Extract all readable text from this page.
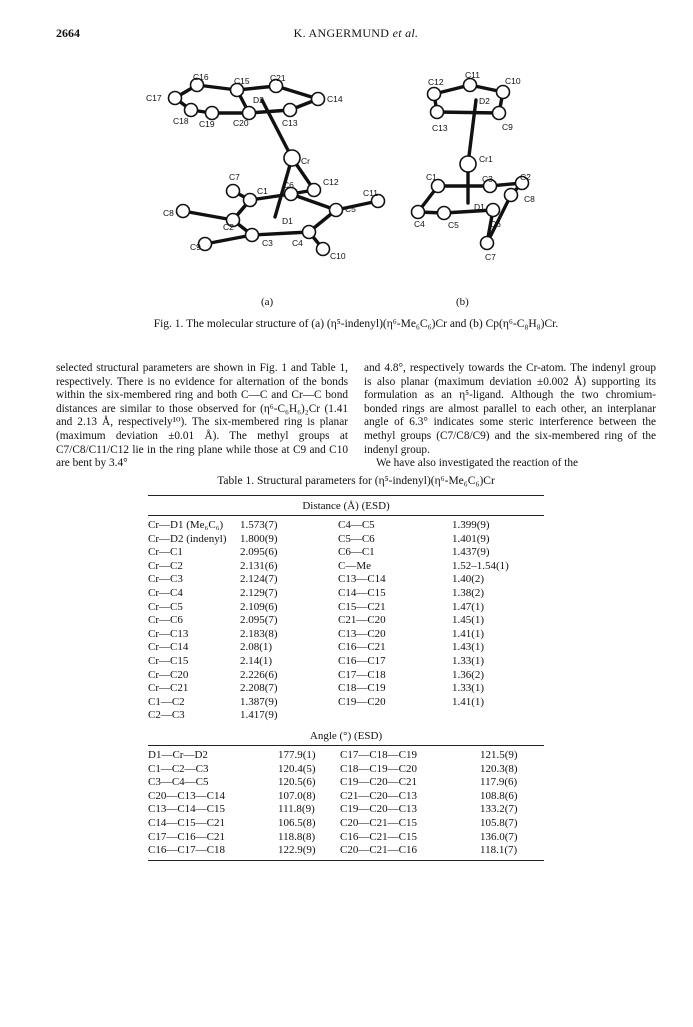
2664	K. ANGERMUND et al.
C16	C15 C21
C17	C14
D2
C18 C19 C20	C13
Cr
C7	C12
C1
C6
C11
C5
C8
D1
C2
C9	C3 C4
C10
C11
C12	C10
D2
C13	C9
Cr1
C3	C2
C1
D1
C8
C4	C5	C6
C7
(a)	(b)
Fig. 1. The molecular structure of (a) (η⁵-indenyl)(η⁶-Me₆C₆)Cr and (b) Cp(η⁶-C₈H₈)Cr.

selected structural parameters are shown in Fig. 1 and Table 1, respectively. There is no evidence for alternation of the bonds within the six-membered ring and both C—C and Cr—C bond distances are similar to those observed for (η⁶-C₆H₆)₂Cr (1.41 and 2.13 Å, respectively¹⁰). The six-membered ring is planar (maximum deviation ±0.01 Å). The methyl groups at C7/C8/C11/C12 lie in the ring plane while those at C9 and C10 are bent by 3.4°

and 4.8°, respectively towards the Cr-atom. The indenyl group is also planar (maximum deviation ±0.002 Å) supporting its formulation as an η⁵-ligand. Although the two chromium-bonded rings are almost parallel to each other, an interplanar angle of 6.3° indicates some steric interference between the methyl groups (C7/C8/C9) and the six-membered ring of the indenyl group.

We have also investigated the reaction of the

Table 1. Structural parameters for (η⁵-indenyl)(η⁶-Me₆C₆)Cr
Distance (Å) (ESD)
Cr—D1 (Me₆C₆)	1.573(7)	C4—C5	1.399(9)
Cr—D2 (indenyl)	1.800(9)	C5—C6	1.401(9)
Cr—C1	2.095(6)	C6—C1	1.437(9)
Cr—C2	2.131(6)	C—Me	1.52–1.54(1)
Cr—C3	2.124(7)	C13—C14	1.40(2)
Cr—C4	2.129(7)	C14—C15	1.38(2)
Cr—C5	2.109(6)	C15—C21	1.47(1)
Cr—C6	2.095(7)	C21—C20	1.45(1)
Cr—C13	2.183(8)	C13—C20	1.41(1)
Cr—C14	2.08(1)	C16—C21	1.43(1)
Cr—C15	2.14(1)	C16—C17	1.33(1)
Cr—C20	2.226(6)	C17—C18	1.36(2)
Cr—C21	2.208(7)	C18—C19	1.33(1)
C1—C2	1.387(9)	C19—C20	1.41(1)
C2—C3	1.417(9)		
Angle (°) (ESD)
D1—Cr—D2	177.9(1)	C17—C18—C19	121.5(9)
C1—C2—C3	120.4(5)	C18—C19—C20	120.3(8)
C3—C4—C5	120.5(6)	C19—C20—C21	117.9(6)
C20—C13—C14	107.0(8)	C21—C20—C13	108.8(6)
C13—C14—C15	111.8(9)	C19—C20—C13	133.2(7)
C14—C15—C21	106.5(8)	C20—C21—C15	105.8(7)
C17—C16—C21	118.8(8)	C16—C21—C15	136.0(7)
C16—C17—C18	122.9(9)	C20—C21—C16	118.1(7)
